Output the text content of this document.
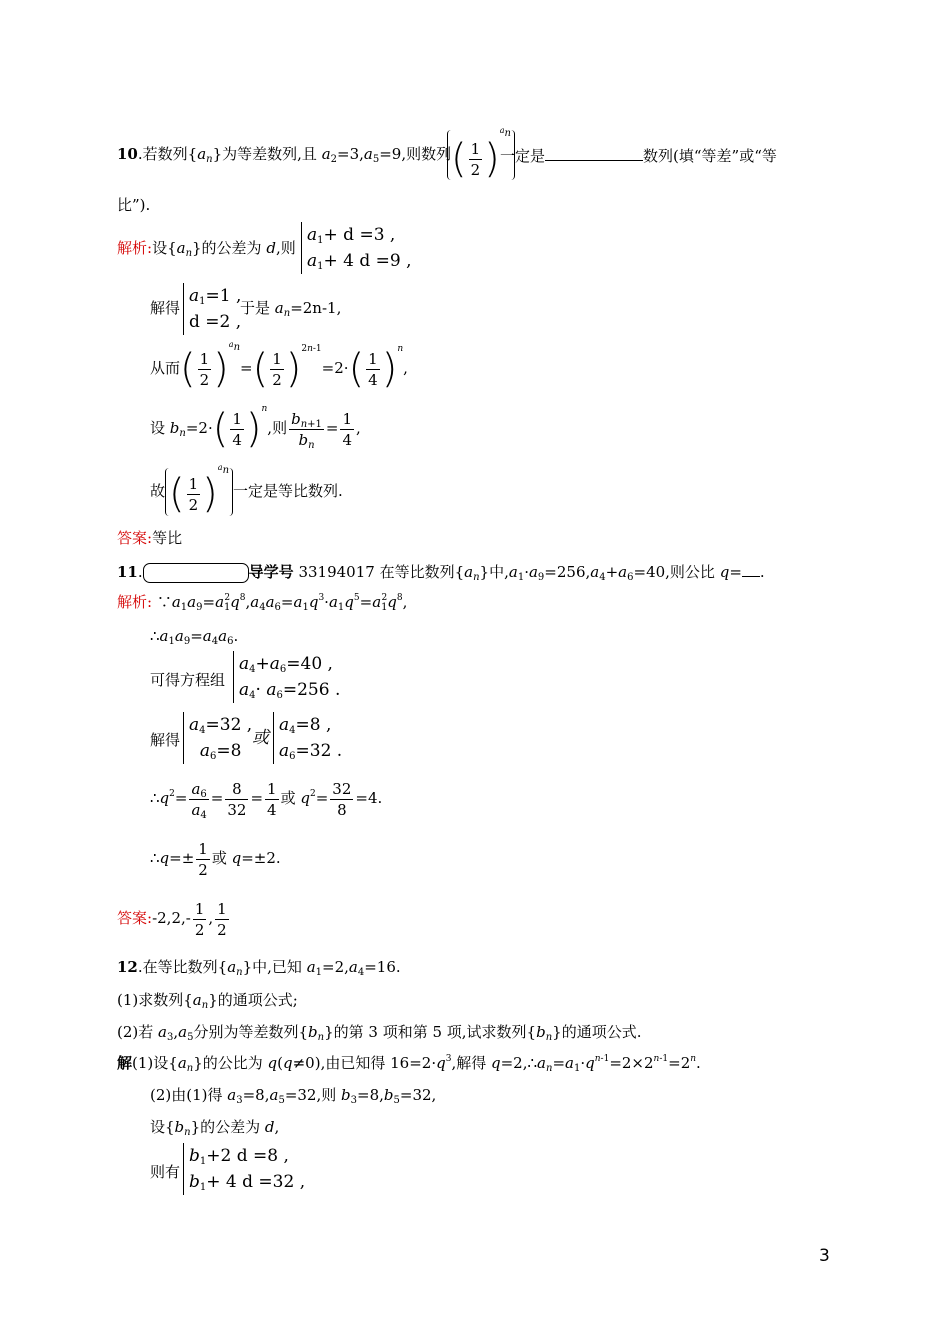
10.若数列$\{a_n\}$为等差数列,且 $a_2=3,a_5=9$,则数列 ( $\frac{1}{2} )^{a_n}$
一定是	数列(填“等差”或“等
比”).
解析:设$\{a_n\}$的公差为 d,则
$a_1+ d =3$ ,
$a_1+ 4$ d =9 ,
解得
$a_1=1$ ,
d =2 ,
于是 $a_n=2n-1$,
从而( $\frac{1}{2} )^{a_n}=( \frac{1}{2} )^{2n-1}=2\cdot( \frac{1}{4} )^n$,
设 $b_n=2\cdot( \frac{1}{4} )^n$,则 $\frac{b_{n+1}}{b_n} = \frac{1}{4}$ ,
故 ( $\frac{1}{2} )^{a_n}$一定是等比数列.
答案:等比
11.	导学号 33194017 在等比数列$\{a_n\}$中$,a_1\cdot a_9=256,a_4+a_6=40$,则公比 q= .
解析: $\because a_1a_9=a_1^2q^8,a_4a_6=a_1q^3\cdot a_1q^5=a_1^2q^8$,
$\therefore a_1a_9=a_4a_6$.
可得方程组
$a_4+a_6=40$ ,
$a_4\cdot a_6=256$ .
解得
$a_4=32$ ,
$a_6=8$
或
$a_4=8$ ,
$a_6=32$ .
$\therefore q^2= \frac{a_6}{a_4} = \frac{8}{32} = \frac{1}{4}$ 或 $q^2= \frac{32}{8} =4$.
∴q=± $\frac{1}{2}$ 或 q=±2.
答案:-2,2,- $\frac{1}{2}$ , $\frac{1}{2}$
12.在等比数列$\{a_n\}$中,已知 $a_1=2,a_4=16$.
(1)求数列$\{a_n\}$的通项公式;
(2)若 $a_3,a_5$分别为等差数列$\{b_n\}$的第 3 项和第 5 项,试求数列$\{b_n\}$的通项公式.
解(1)设$\{a_n\}$的公比为 q(q≠0),由已知得 $16=2\cdot q^3$,解得 $q=2,\therefore a_n=a_1\cdot q^{n-1}=2\times 2^{n-1}=2^n$.
(2)由(1)得 $a_3=8,a_5=32$,则 $b_3=8,b_5=32$,
设$\{b_n\}$的公差为 d,
则有
$b_1+2$ d =8 ,
$b_1+ 4$ d =32 ,
3
